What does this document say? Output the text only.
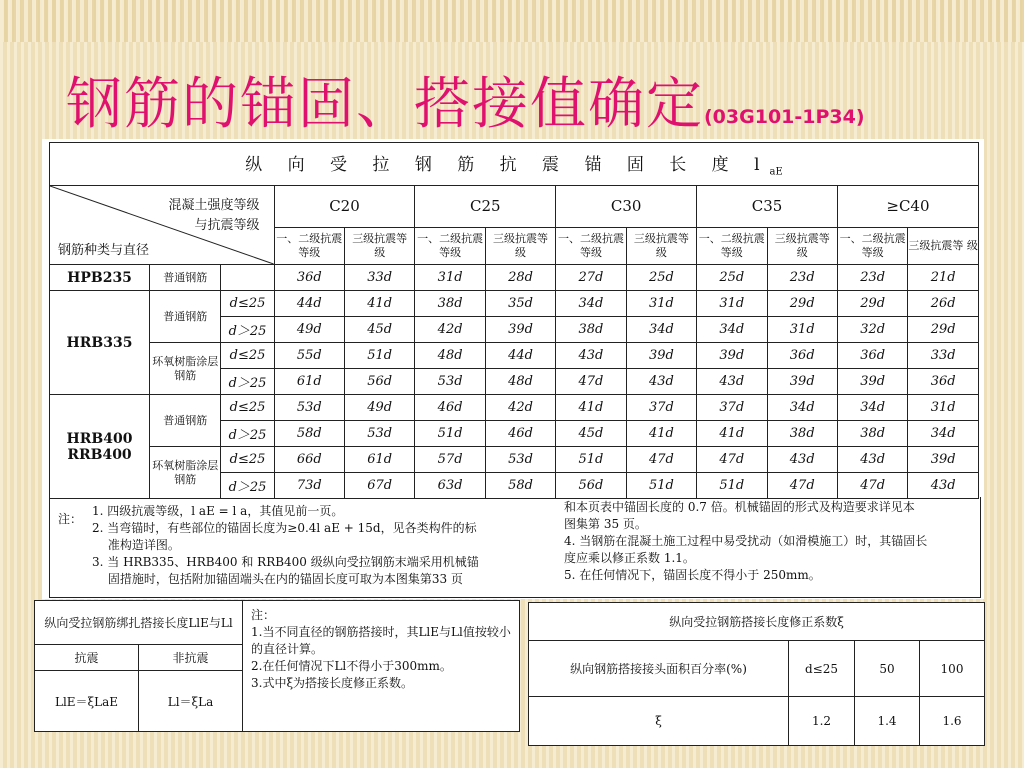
钢筋的锚固、搭接值确定(03G101-1P34)
纵 向 受 拉 钢 筋 抗 震 锚 固 长 度 $l_{aE}$

混凝土强度等级
与抗震等级
钢筋种类与直径			C20		C25		C30		C35		≥C40	
			一、二级抗震等级	三级抗震等 级	一、二级抗震等级	三级抗震等 级	一、二级抗震等级	三级抗震等 级	一、二级抗震等级	三级抗震等 级	一、二级抗震等级	三级抗震等 级
HPB235	普通钢筋		36d	33d	31d	28d	27d	25d	25d	23d	23d	21d
HRB335	普通钢筋	d≤25	44d	41d	38d	35d	34d	31d	31d	29d	29d	26d
		d＞25	49d	45d	42d	39d	38d	34d	34d	31d	32d	29d
	环氧树脂涂层钢筋	d≤25	55d	51d	48d	44d	43d	39d	39d	36d	36d	33d
		d＞25	61d	56d	53d	48d	47d	43d	43d	39d	39d	36d
HRB400 RRB400	普通钢筋	d≤25	53d	49d	46d	42d	41d	37d	37d	34d	34d	31d
		d＞25	58d	53d	51d	46d	45d	41d	41d	38d	38d	34d
	环氧树脂涂层钢筋	d≤25	66d	61d	57d	53d	51d	47d	47d	43d	43d	39d
		d＞25	73d	67d	63d	58d	56d	51d	51d	47d	47d	43d
注：

1. 四级抗震等级，l aE = l a，其值见前一页。

2. 当弯锚时，有些部位的锚固长度为≥0.4l aE + 15d，见各类构件的标

　 准构造详图。

3. 当 HRB335、HRB400 和 RRB400 级纵向受拉钢筋末端采用机械锚

　 固措施时，包括附加锚固端头在内的锚固长度可取为本图集第33 页

和本页表中锚固长度的 0.7 倍。机械锚固的形式及构造要求详见本

图集第 35 页。

4. 当钢筋在混凝土施工过程中易受扰动（如滑模施工）时，其锚固长

度应乘以修正系数 1.1。

5. 在任何情况下，锚固长度不得小于 250mm。

纵向受拉钢筋绑扎搭接长度LlE与Ll		注：
1.当不同直径的钢筋搭接时，其LlE与Ll值按较小的直径计算。
2.在任何情况下Ll不得小于300mm。
3.式中ξ为搭接长度修正系数。

抗震	非抗震	
LlE＝ξLaE	Ll＝ξLa	
纵向受拉钢筋搭接长度修正系数ξ			
纵向钢筋搭接接头面积百分率(%)	d≤25	50	100
ξ	1.2	1.4	1.6
